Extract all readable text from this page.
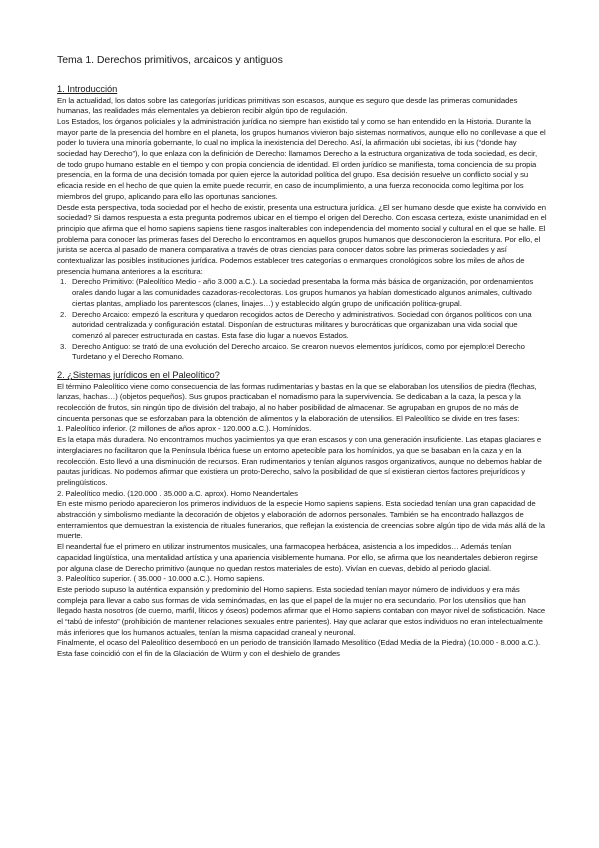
Tema 1. Derechos primitivos, arcaicos y antiguos
1. Introducción

En la actualidad, los datos sobre las categorías jurídicas primitivas son escasos, aunque es seguro que desde las primeras comunidades humanas, las realidades más elementales ya debieron recibir algún tipo de regulación.

Los Estados, los órganos policiales y la administración jurídica no siempre han existido tal y como se han entendido en la Historia. Durante la mayor parte de la presencia del hombre en el planeta, los grupos humanos vivieron bajo sistemas normativos, aunque ello no conllevase a que el poder lo tuviera una minoría gobernante, lo cual no implica la inexistencia del Derecho. Así, la afirmación ubi societas, ibi ius (“donde hay sociedad hay Derecho”), lo que enlaza con la definición de Derecho: llamamos Derecho a la estructura organizativa de toda sociedad, es decir, de todo grupo humano estable en el tiempo y con propia conciencia de identidad. El orden jurídico se manifiesta, toma conciencia de su propia presencia, en la forma de una decisión tomada por quien ejerce la autoridad política del grupo. Esa decisión resuelve un conflicto social y su eficacia reside en el hecho de que quien la emite puede recurrir, en caso de incumplimiento, a una fuerza reconocida como legítima por los miembros del grupo, aplicando para ello las oportunas sanciones.

Desde esta perspectiva, toda sociedad por el hecho de existir, presenta una estructura jurídica. ¿El ser humano desde que existe ha convivido en sociedad? Si damos respuesta a esta pregunta podremos ubicar en el tiempo el origen del Derecho. Con escasa certeza, existe unanimidad en el principio que afirma que el homo sapiens sapiens tiene rasgos inalterables con independencia del momento social y cultural en el que se halle. El problema para conocer las primeras fases del Derecho lo encontramos en aquellos grupos humanos que desconocieron la escritura. Por ello, el jurista se acerca al pasado de manera comparativa a través de otras ciencias para conocer datos sobre las primeras sociedades y así contextualizar las posibles instituciones jurídica. Podemos establecer tres categorías o enmarques cronológicos sobre los miles de años de presencia humana anteriores a la escritura:

1. Derecho Primitivo: (Paleolítico Medio - año 3.000 a.C.). La sociedad presentaba la forma más básica de organización, por ordenamientos orales dando lugar a las comunidades cazadoras-recolectoras. Los grupos humanos ya habían domesticado algunos animales, cultivado ciertas plantas, ampliado los parentescos (clanes, linajes…) y establecido algún grupo de unificación política-grupal.
2. Derecho Arcaico: empezó la escritura y quedaron recogidos actos de Derecho y administrativos. Sociedad con órganos políticos con una autoridad centralizada y configuración estatal. Disponían de estructuras militares y burocráticas que organizaban una vida social que comenzó al parecer estructurada en castas. Esta fase dio lugar a nuevos Estados.
3. Derecho Antiguo: se trató de una evolución del Derecho arcaico. Se crearon nuevos elementos jurídicos, como por ejemplo:el Derecho Turdetano y el Derecho Romano.
2. ¿Sistemas jurídicos en el Paleolítico?

El término Paleolítico viene como consecuencia de las formas rudimentarias y bastas en la que se elaboraban los utensilios de piedra (flechas, lanzas, hachas…) (objetos pequeños). Sus grupos practicaban el nomadismo para la supervivencia. Se dedicaban a la caza, la pesca y la recolección de frutos, sin ningún tipo de división del trabajo, al no haber posibilidad de almacenar. Se agrupaban en grupos de no más de cincuenta personas que se esforzaban para la obtención de alimentos y la elaboración de utensilios. El Paleolítico se divide en tres fases:

1. Paleolítico inferior. (2 millones de años aprox - 120.000 a.C.). Homínidos.

Es la etapa más duradera. No encontramos muchos yacimientos ya que eran escasos y con una generación insuficiente. Las etapas glaciares e interglaciares no facilitaron que la Península Ibérica fuese un entorno apetecible para los homínidos, ya que se basaban en la caza y en la recolección. Esto llevó a una disminución de recursos. Eran rudimentarios y tenían algunos rasgos organizativos, aunque no debemos hablar de pautas jurídicas. No podemos afirmar que existiera un proto-Derecho, salvo la posibilidad de que sí existieran ciertos factores prejurídicos y prelingüísticos.

2. Paleolítico medio. (120.000 . 35.000 a.C. aprox). Homo Neandertales

En este mismo periodo aparecieron los primeros individuos de la especie Homo sapiens sapiens. Esta sociedad tenían una gran capacidad de abstracción y simbolismo mediante la decoración de objetos y elaboración de adornos personales. También se ha encontrado hallazgos de enterramientos que demuestran la existencia de rituales funerarios, que reflejan la existencia de creencias sobre algún tipo de vida más allá de la muerte.

El neandertal fue el primero en utilizar instrumentos musicales, una farmacopea herbácea, asistencia a los impedidos… Además tenían capacidad lingüística, una mentalidad artística y una apariencia visiblemente humana. Por ello, se afirma que los neandertales debieron regirse por alguna clase de Derecho primitivo (aunque no quedan restos materiales de esto). Vivían en cuevas, debido al periodo glacial.

3. Paleolítico superior. ( 35.000 - 10.000 a.C.). Homo sapiens.

Este periodo supuso la auténtica expansión y predominio del Homo sapiens. Esta sociedad tenían mayor número de individuos y era más compleja para llevar a cabo sus formas de vida seminómadas, en las que el papel de la mujer no era secundario. Por los utensilios que han llegado hasta nosotros (de cuerno, marfil, líticos y óseos) podemos afirmar que el Homo sapiens contaban con mayor nivel de sofisticación. Nace el “tabú de infesto” (prohibición de mantener relaciones sexuales entre parientes). Hay que aclarar que estos individuos no eran intelectualmente más inferiores que los humanos actuales, tenían la misma capacidad craneal y neuronal.

Finalmente, el ocaso del Paleolítico desembocó en un periodo de transición llamado Mesolítico (Edad Media de la Piedra) (10.000 - 8.000 a.C.). Esta fase coincidió con el fin de la Glaciación de Würm y con el deshielo de grandes
